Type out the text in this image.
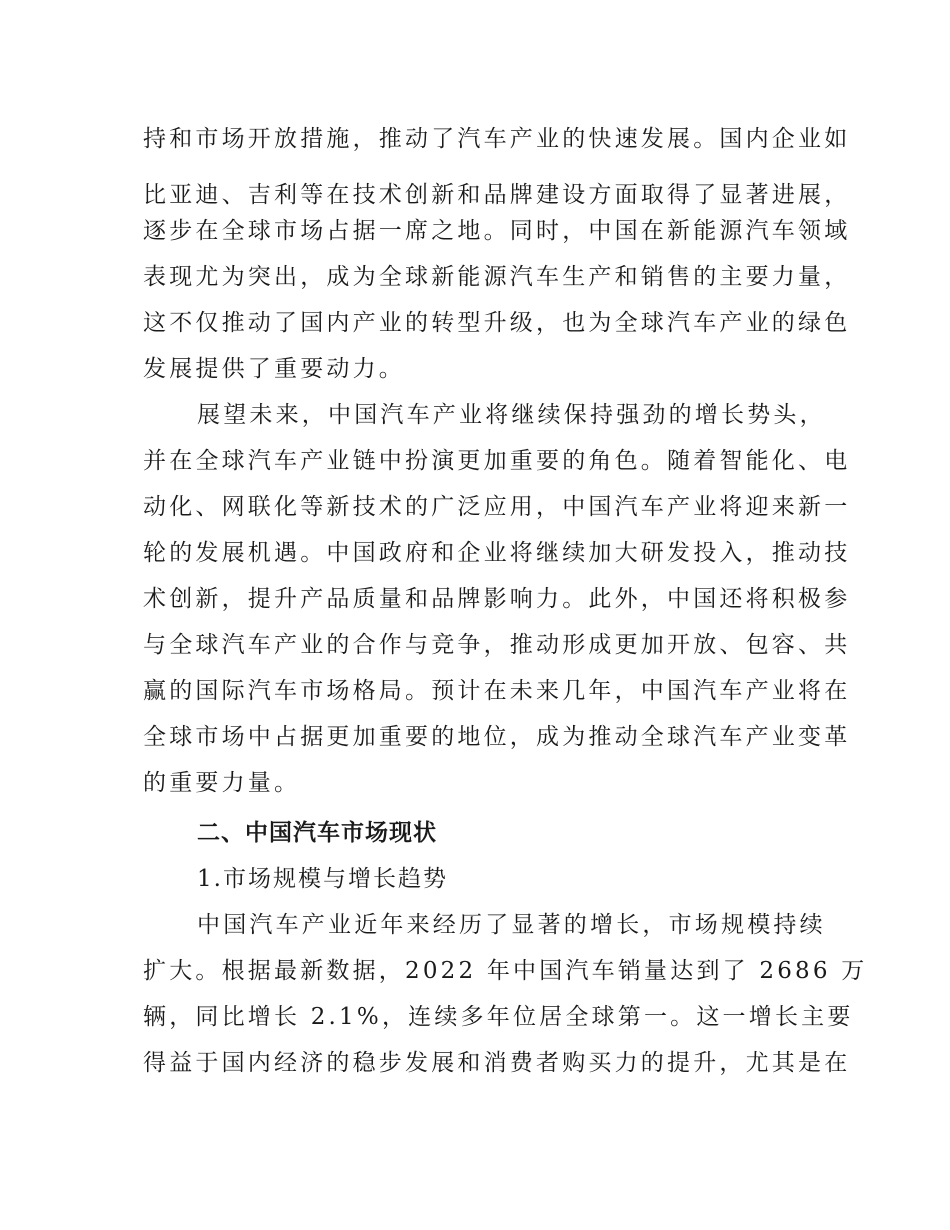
持和市场开放措施，推动了汽车产业的快速发展。国内企业如
比亚迪、吉利等在技术创新和品牌建设方面取得了显著进展，
逐步在全球市场占据一席之地。同时，中国在新能源汽车领域
表现尤为突出，成为全球新能源汽车生产和销售的主要力量，
这不仅推动了国内产业的转型升级，也为全球汽车产业的绿色
发展提供了重要动力。
展望未来，中国汽车产业将继续保持强劲的增长势头，
并在全球汽车产业链中扮演更加重要的角色。随着智能化、电
动化、网联化等新技术的广泛应用，中国汽车产业将迎来新一
轮的发展机遇。中国政府和企业将继续加大研发投入，推动技
术创新，提升产品质量和品牌影响力。此外，中国还将积极参
与全球汽车产业的合作与竞争，推动形成更加开放、包容、共
赢的国际汽车市场格局。预计在未来几年，中国汽车产业将在
全球市场中占据更加重要的地位，成为推动全球汽车产业变革
的重要力量。
二、中国汽车市场现状
1.市场规模与增长趋势
中国汽车产业近年来经历了显著的增长，市场规模持续
扩大。根据最新数据，2022 年中国汽车销量达到了 2686 万
辆，同比增长 2.1%，连续多年位居全球第一。这一增长主要
得益于国内经济的稳步发展和消费者购买力的提升，尤其是在
